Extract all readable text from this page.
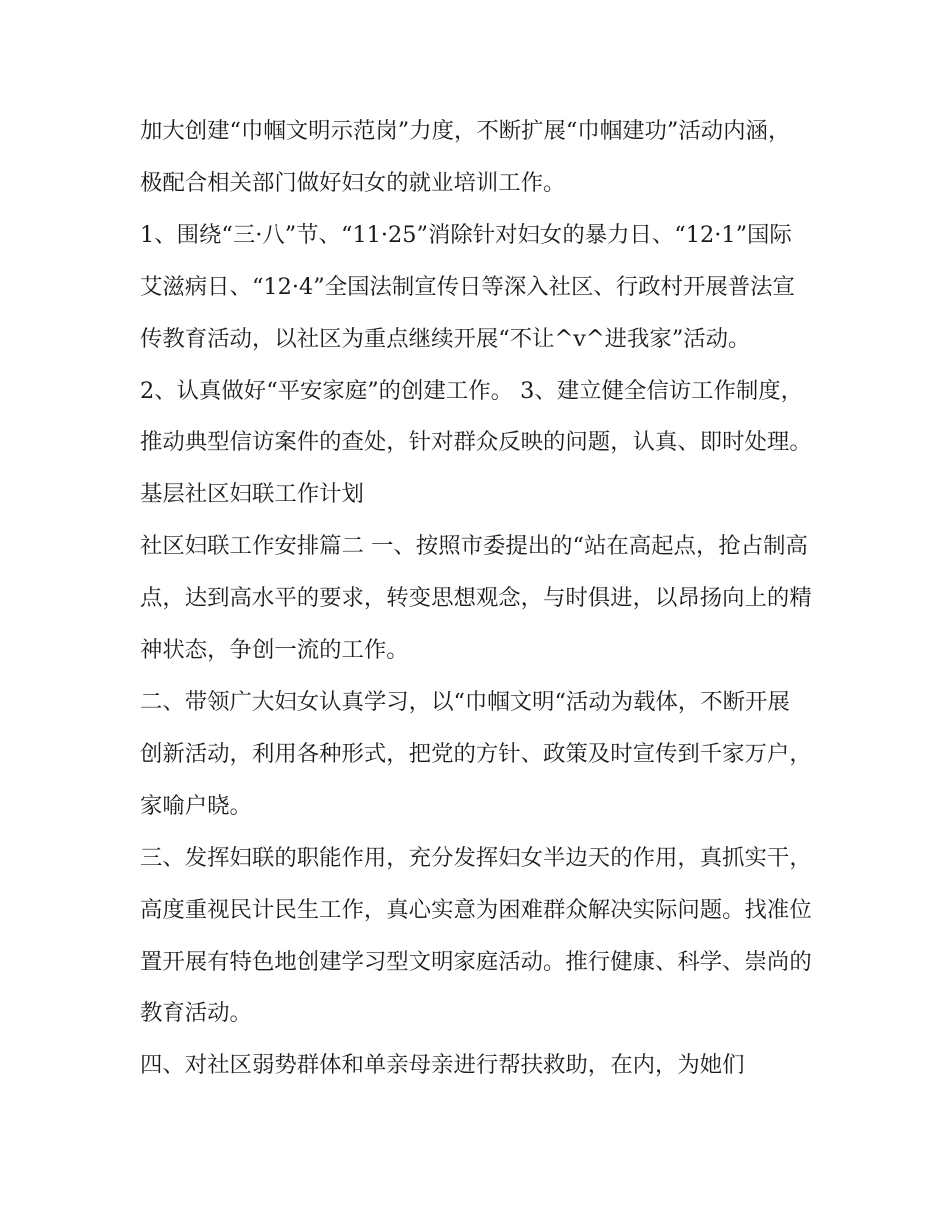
加大创建“巾帼文明示范岗”力度，不断扩展“巾帼建功”活动内涵，极配合相关部门做好妇女的就业培训工作。

1、围绕“三·八”节、“11·25”消除针对妇女的暴力日、“12·1”国际艾滋病日、“12·4”全国法制宣传日等深入社区、行政村开展普法宣传教育活动，以社区为重点继续开展“不让^v^进我家”活动。

2、认真做好“平安家庭”的创建工作。 3、建立健全信访工作制度，推动典型信访案件的查处，针对群众反映的问题，认真、即时处理。 基层社区妇联工作计划

社区妇联工作安排篇二 一、按照市委提出的“站在高起点，抢占制高点，达到高水平的要求，转变思想观念，与时俱进，以昂扬向上的精神状态，争创一流的工作。

二、带领广大妇女认真学习，以“巾帼文明“活动为载体，不断开展创新活动，利用各种形式，把党的方针、政策及时宣传到千家万户，家喻户晓。

三、发挥妇联的职能作用，充分发挥妇女半边天的作用，真抓实干，高度重视民计民生工作，真心实意为困难群众解决实际问题。找准位置开展有特色地创建学习型文明家庭活动。推行健康、科学、崇尚的教育活动。

四、对社区弱势群体和单亲母亲进行帮扶救助，在内，为她们
